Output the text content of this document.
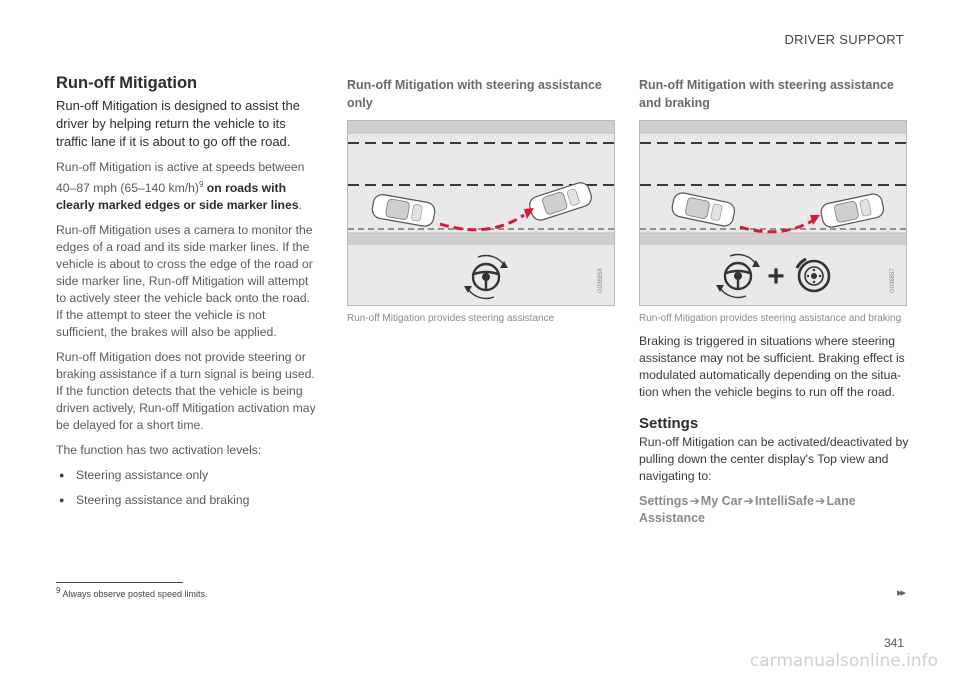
DRIVER SUPPORT
Run-off Mitigation

Run-off Mitigation is designed to assist the driver by helping return the vehicle to its traffic lane if it is about to go off the road.

Run-off Mitigation is active at speeds between 40–87 mph (65–140 km/h)$^9$ on roads with clearly marked edges or side marker lines.

Run-off Mitigation uses a camera to monitor the edges of a road and its side marker lines. If the vehicle is about to cross the edge of the road or side marker line, Run-off Mitigation will attempt to actively steer the vehicle back onto the road. If the attempt to steer the vehicle is not sufficient, the brakes will also be applied.

Run-off Mitigation does not provide steering or braking assistance if a turn signal is being used. If the function detects that the vehicle is being driven actively, Run-off Mitigation activation may be delayed for a short time.

The function has two activation levels:

● Steering assistance only
● Steering assistance and braking
Run-off Mitigation with steering assistance only
G036858
Run-off Mitigation provides steering assistance
Run-off Mitigation with steering assistance and braking
+	G036857
Run-off Mitigation provides steering assistance and braking

Braking is triggered in situations where steering assistance may not be sufficient. Braking effect is modulated automatically depending on the situa-tion when the vehicle begins to run off the road.

Settings

Run-off Mitigation can be activated/deactivated by pulling down the center display's Top view and navigating to:

Settings➔My Car➔IntelliSafe➔Lane Assistance
$^9$ Always observe posted speed limits.	▸▸
341
carmanualsonline.info
